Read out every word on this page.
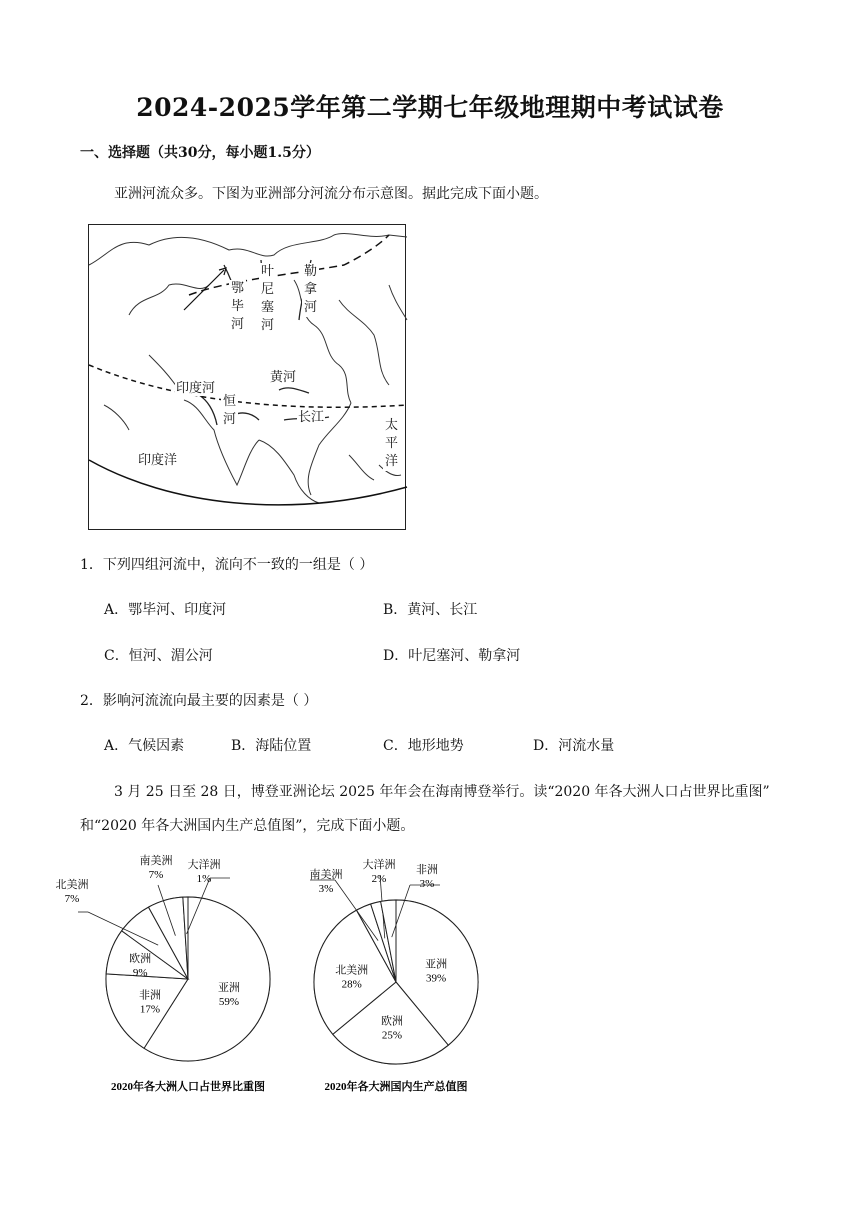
2024-2025学年第二学期七年级地理期中考试试卷
一、选择题（共30分，每小题1.5分）
亚洲河流众多。下图为亚洲部分河流分布示意图。据此完成下面小题。
鄂毕河
叶尼塞河
勒拿河
印度河
恒河
黄河
长江
印度洋
太平洋
1．下列四组河流中，流向不一致的一组是（ ）
A．鄂毕河、印度河	B．黄河、长江
C．恒河、湄公河	D．叶尼塞河、勒拿河
2．影响河流流向最主要的因素是（ ）
A．气候因素	B．海陆位置	C．地形地势	D．河流水量
3 月 25 日至 28 日，博登亚洲论坛 2025 年年会在海南博登举行。读“2020 年各大洲人口占世界比重图”
和“2020 年各大洲国内生产总值图”，完成下面小题。
亚洲
59%
非洲
17%
欧洲
9%
北美洲
7%
南美洲
7%
大洋洲
1%
亚洲
39%
欧洲
25%
北美洲
28%
南美洲
3%
大洋洲
2%
非洲
3%
2020年各大洲人口占世界比重图	2020年各大洲国内生产总值图
